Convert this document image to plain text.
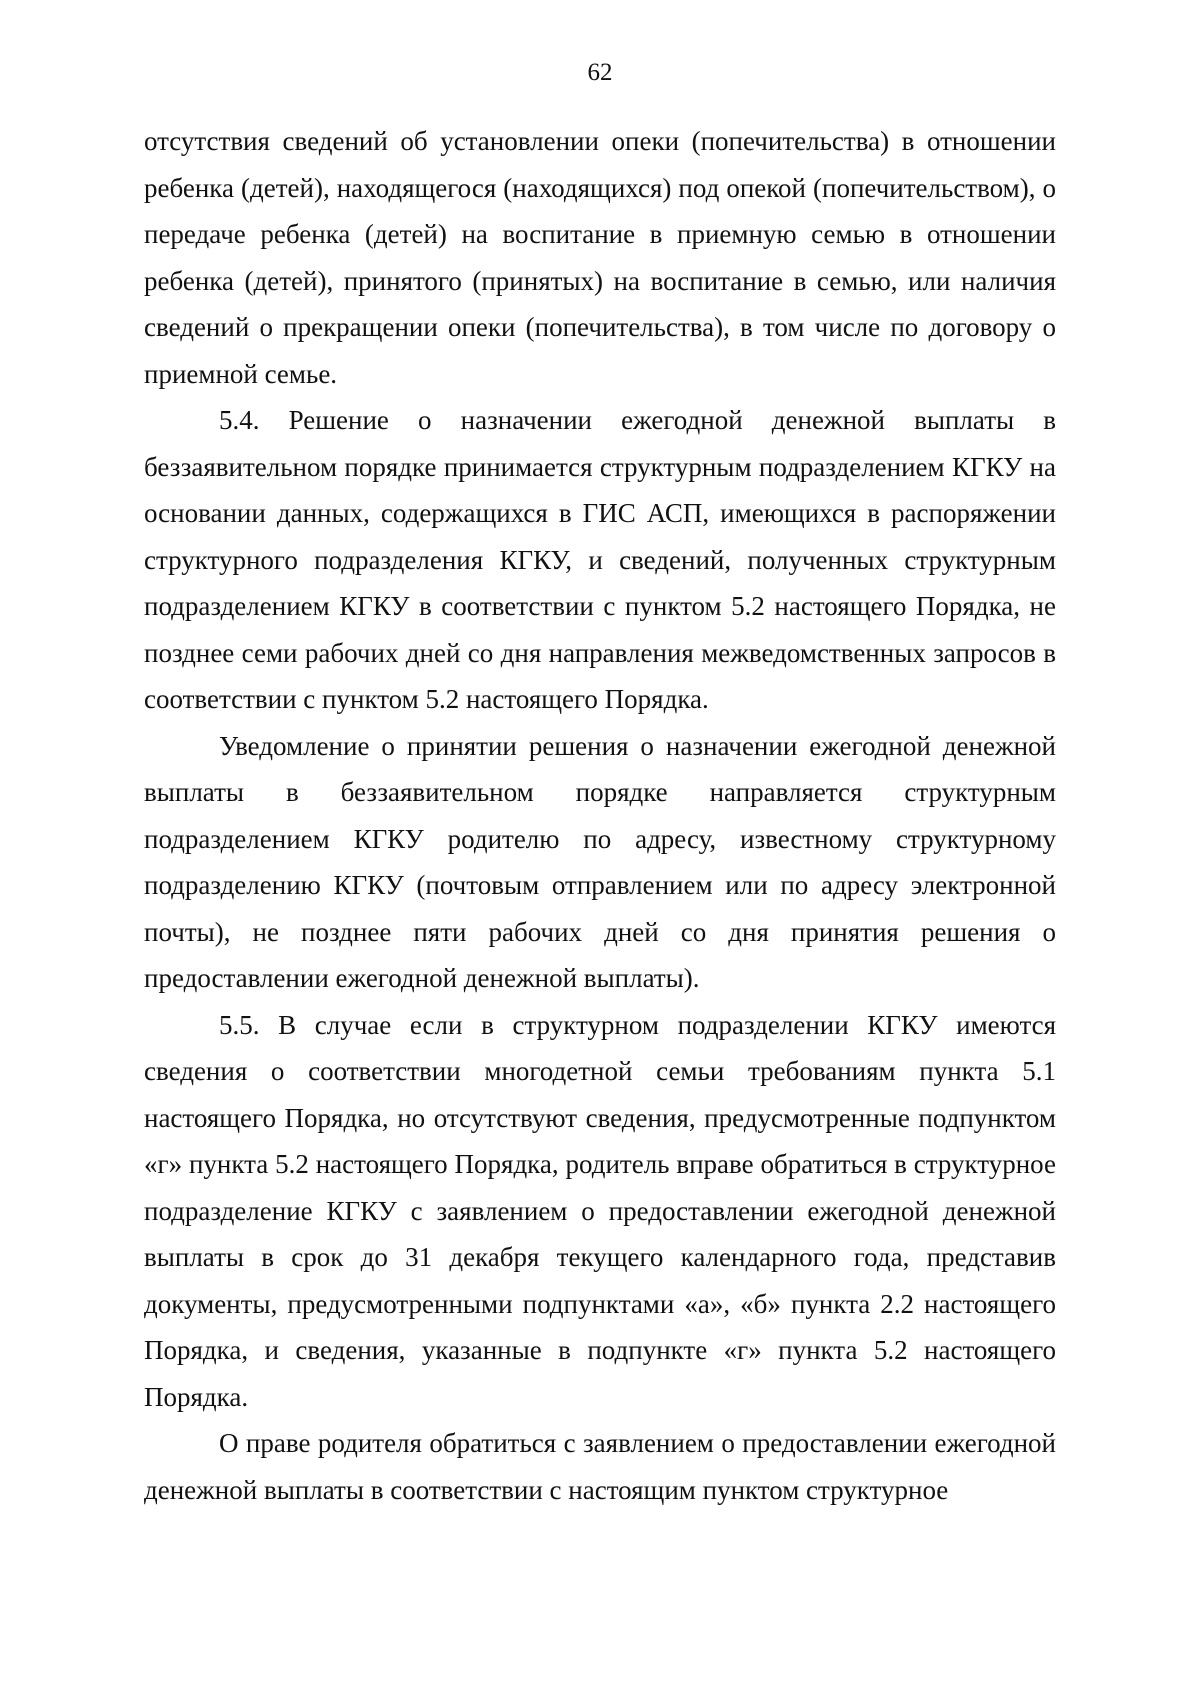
62

отсутствия сведений об установлении опеки (попечительства) в отношении ребенка (детей), находящегося (находящихся) под опекой (попечительством), о передаче ребенка (детей) на воспитание в приемную семью в отношении ребенка (детей), принятого (принятых) на воспитание в семью, или наличия сведений о прекращении опеки (попечительства), в том числе по договору о приемной семье.

5.4. Решение о назначении ежегодной денежной выплаты в беззаявительном порядке принимается структурным подразделением КГКУ на основании данных, содержащихся в ГИС АСП, имеющихся в распоряжении структурного подразделения КГКУ, и сведений, полученных структурным подразделением КГКУ в соответствии с пунктом 5.2 настоящего Порядка, не позднее семи рабочих дней со дня направления межведомственных запросов в соответствии с пунктом 5.2 настоящего Порядка.

Уведомление о принятии решения о назначении ежегодной денежной выплаты в беззаявительном порядке направляется структурным подразделением КГКУ родителю по адресу, известному структурному подразделению КГКУ (почтовым отправлением или по адресу электронной почты), не позднее пяти рабочих дней со дня принятия решения о предоставлении ежегодной денежной выплаты).

5.5. В случае если в структурном подразделении КГКУ имеются сведения о соответствии многодетной семьи требованиям пункта 5.1 настоящего Порядка, но отсутствуют сведения, предусмотренные подпунктом «г» пункта 5.2 настоящего Порядка, родитель вправе обратиться в структурное подразделение КГКУ с заявлением о предоставлении ежегодной денежной выплаты в срок до 31 декабря текущего календарного года, представив документы, предусмотренными подпунктами «а», «б» пункта 2.2 настоящего Порядка, и сведения, указанные в подпункте «г» пункта 5.2 настоящего Порядка.

О праве родителя обратиться с заявлением о предоставлении ежегодной денежной выплаты в соответствии с настоящим пунктом структурное
